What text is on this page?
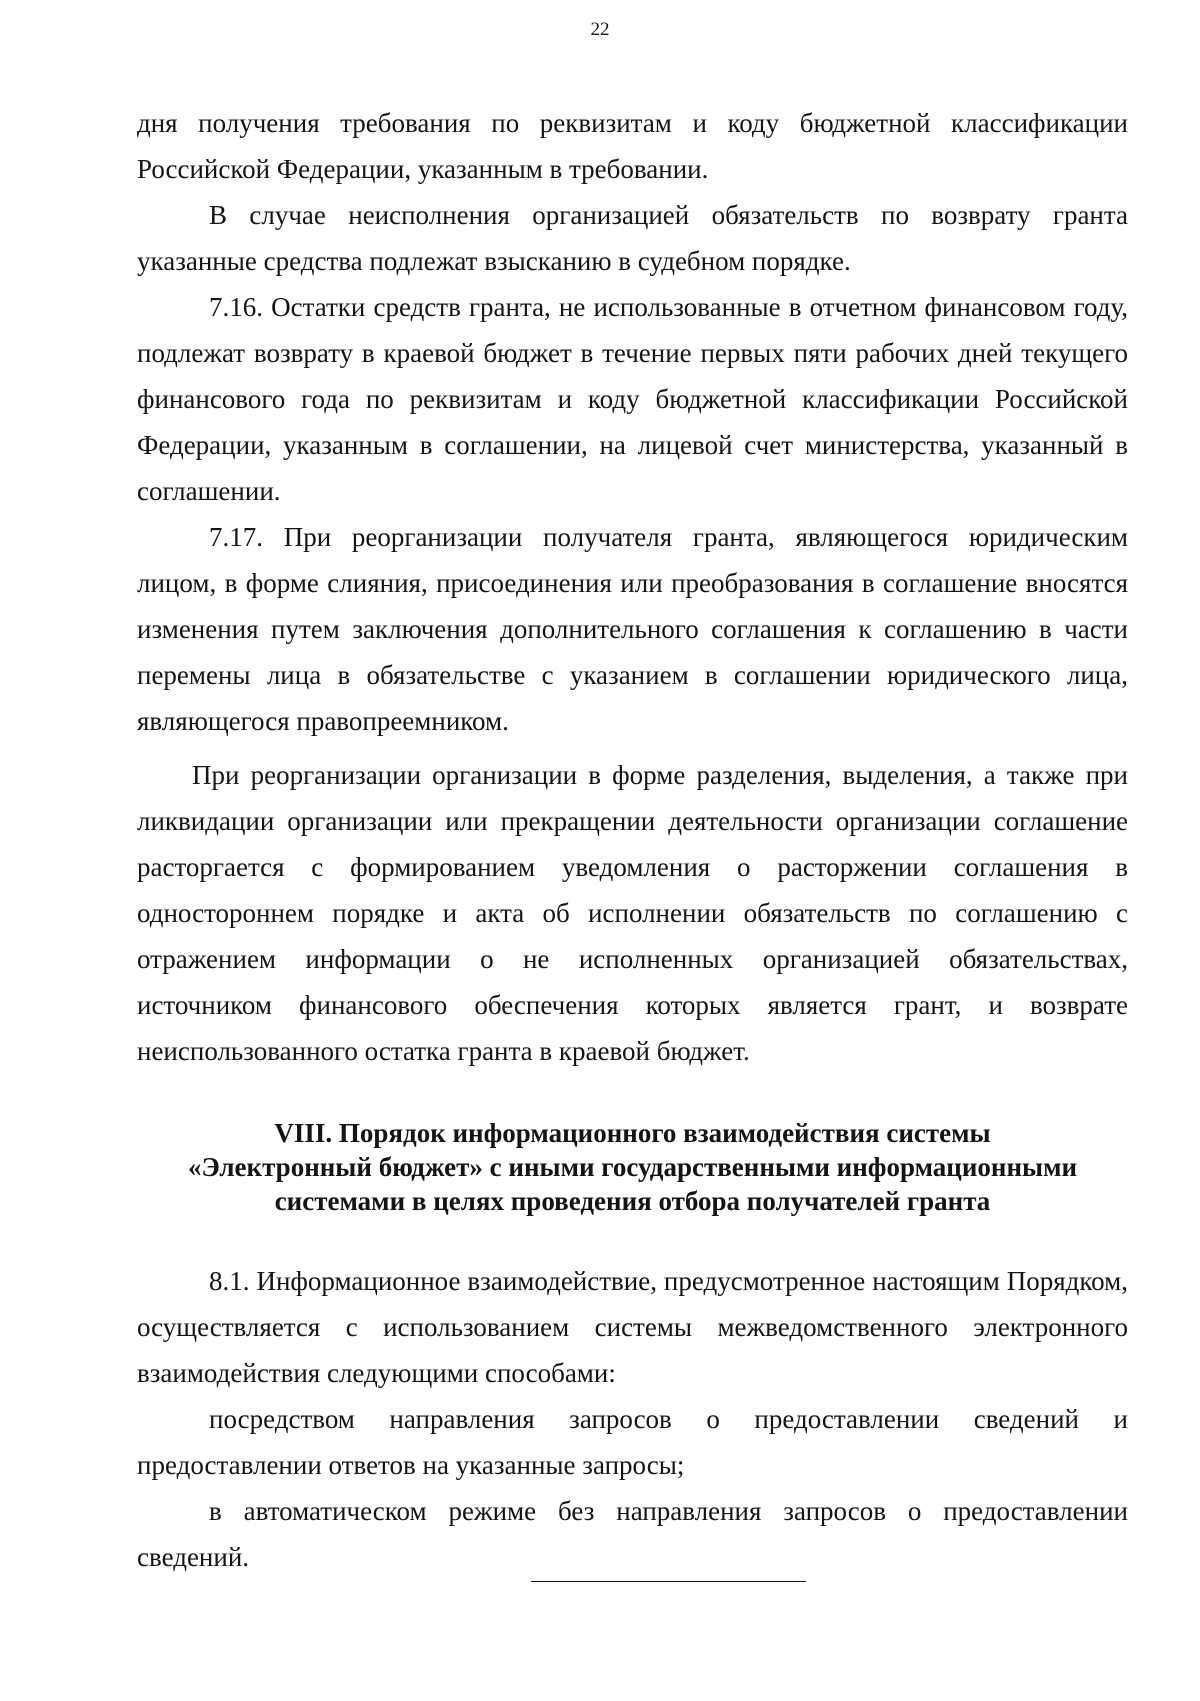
22

дня получения требования по реквизитам и коду бюджетной классификации Российской Федерации, указанным в требовании.

В случае неисполнения организацией обязательств по возврату гранта указанные средства подлежат взысканию в судебном порядке.

7.16. Остатки средств гранта, не использованные в отчетном финансовом году, подлежат возврату в краевой бюджет в течение первых пяти рабочих дней текущего финансового года по реквизитам и коду бюджетной классификации Российской Федерации, указанным в соглашении, на лицевой счет министерства, указанный в соглашении.

7.17. При реорганизации получателя гранта, являющегося юридическим лицом, в форме слияния, присоединения или преобразования в соглашение вносятся изменения путем заключения дополнительного соглашения к соглашению в части перемены лица в обязательстве с указанием в соглашении юридического лица, являющегося правопреемником.

При реорганизации организации в форме разделения, выделения, а также при ликвидации организации или прекращении деятельности организации соглашение расторгается с формированием уведомления о расторжении соглашения в одностороннем порядке и акта об исполнении обязательств по соглашению с отражением информации о не исполненных организацией обязательствах, источником финансового обеспечения которых является грант, и возврате неиспользованного остатка гранта в краевой бюджет.

VIII. Порядок информационного взаимодействия системы
«Электронный бюджет» с иными государственными информационными
системами в целях проведения отбора получателей гранта

8.1. Информационное взаимодействие, предусмотренное настоящим Порядком, осуществляется с использованием системы межведомственного электронного взаимодействия следующими способами:

посредством направления запросов о предоставлении сведений и предоставлении ответов на указанные запросы;

в автоматическом режиме без направления запросов о предоставлении сведений.
